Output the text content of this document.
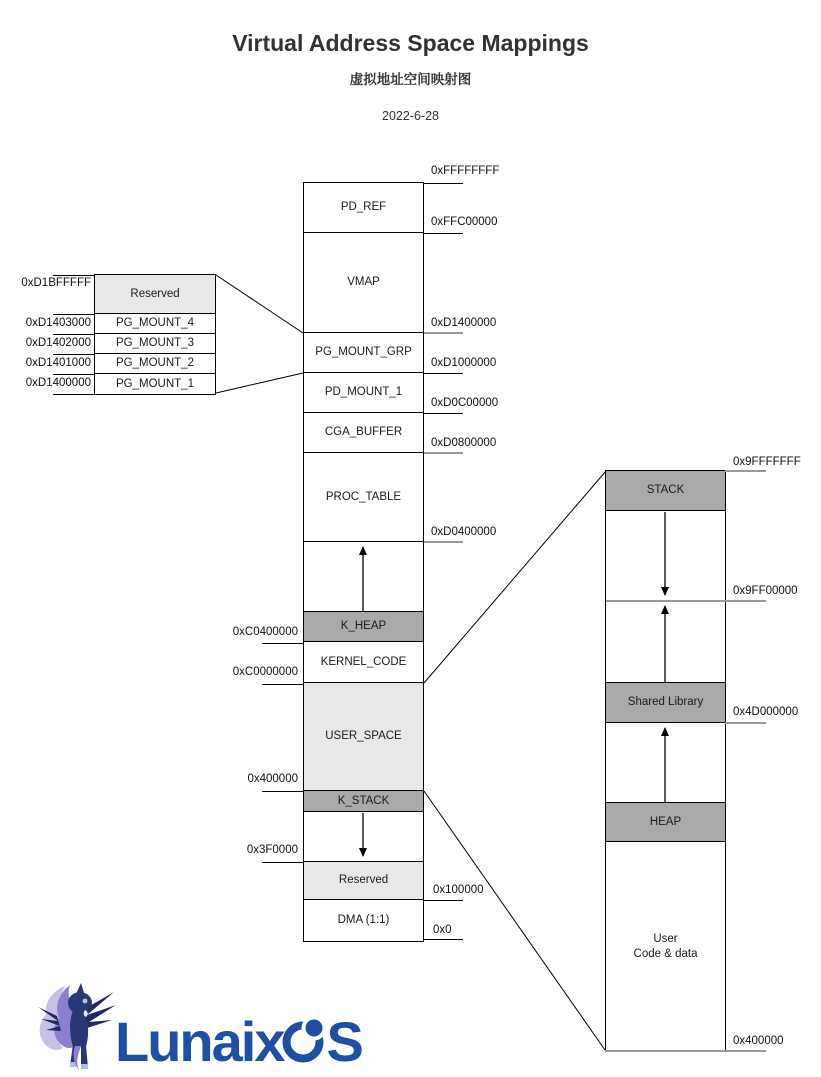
Virtual Address Space Mappings
虚拟地址空间映射图
2022-6-28
PD_REF
VMAP
PG_MOUNT_GRP
PD_MOUNT_1
CGA_BUFFER
PROC_TABLE
K_HEAP
KERNEL_CODE
USER_SPACE
K_STACK
Reserved
DMA (1:1)
Reserved
PG_MOUNT_4
PG_MOUNT_3
PG_MOUNT_2
PG_MOUNT_1
STACK
Shared Library
HEAP
User
Code & data
0xFFFFFFFF
0xFFC00000
0xD1400000
0xD1000000
0xD0C00000
0xD0800000
0xD0400000
0x100000
0x0
0xC0400000
0xC0000000
0x400000
0x3F0000
0xD1BFFFFF
0xD1403000
0xD1402000
0xD1401000
0xD1400000
0x9FFFFFFF
0x9FF00000
0x4D000000
0x400000
Lunaix S
